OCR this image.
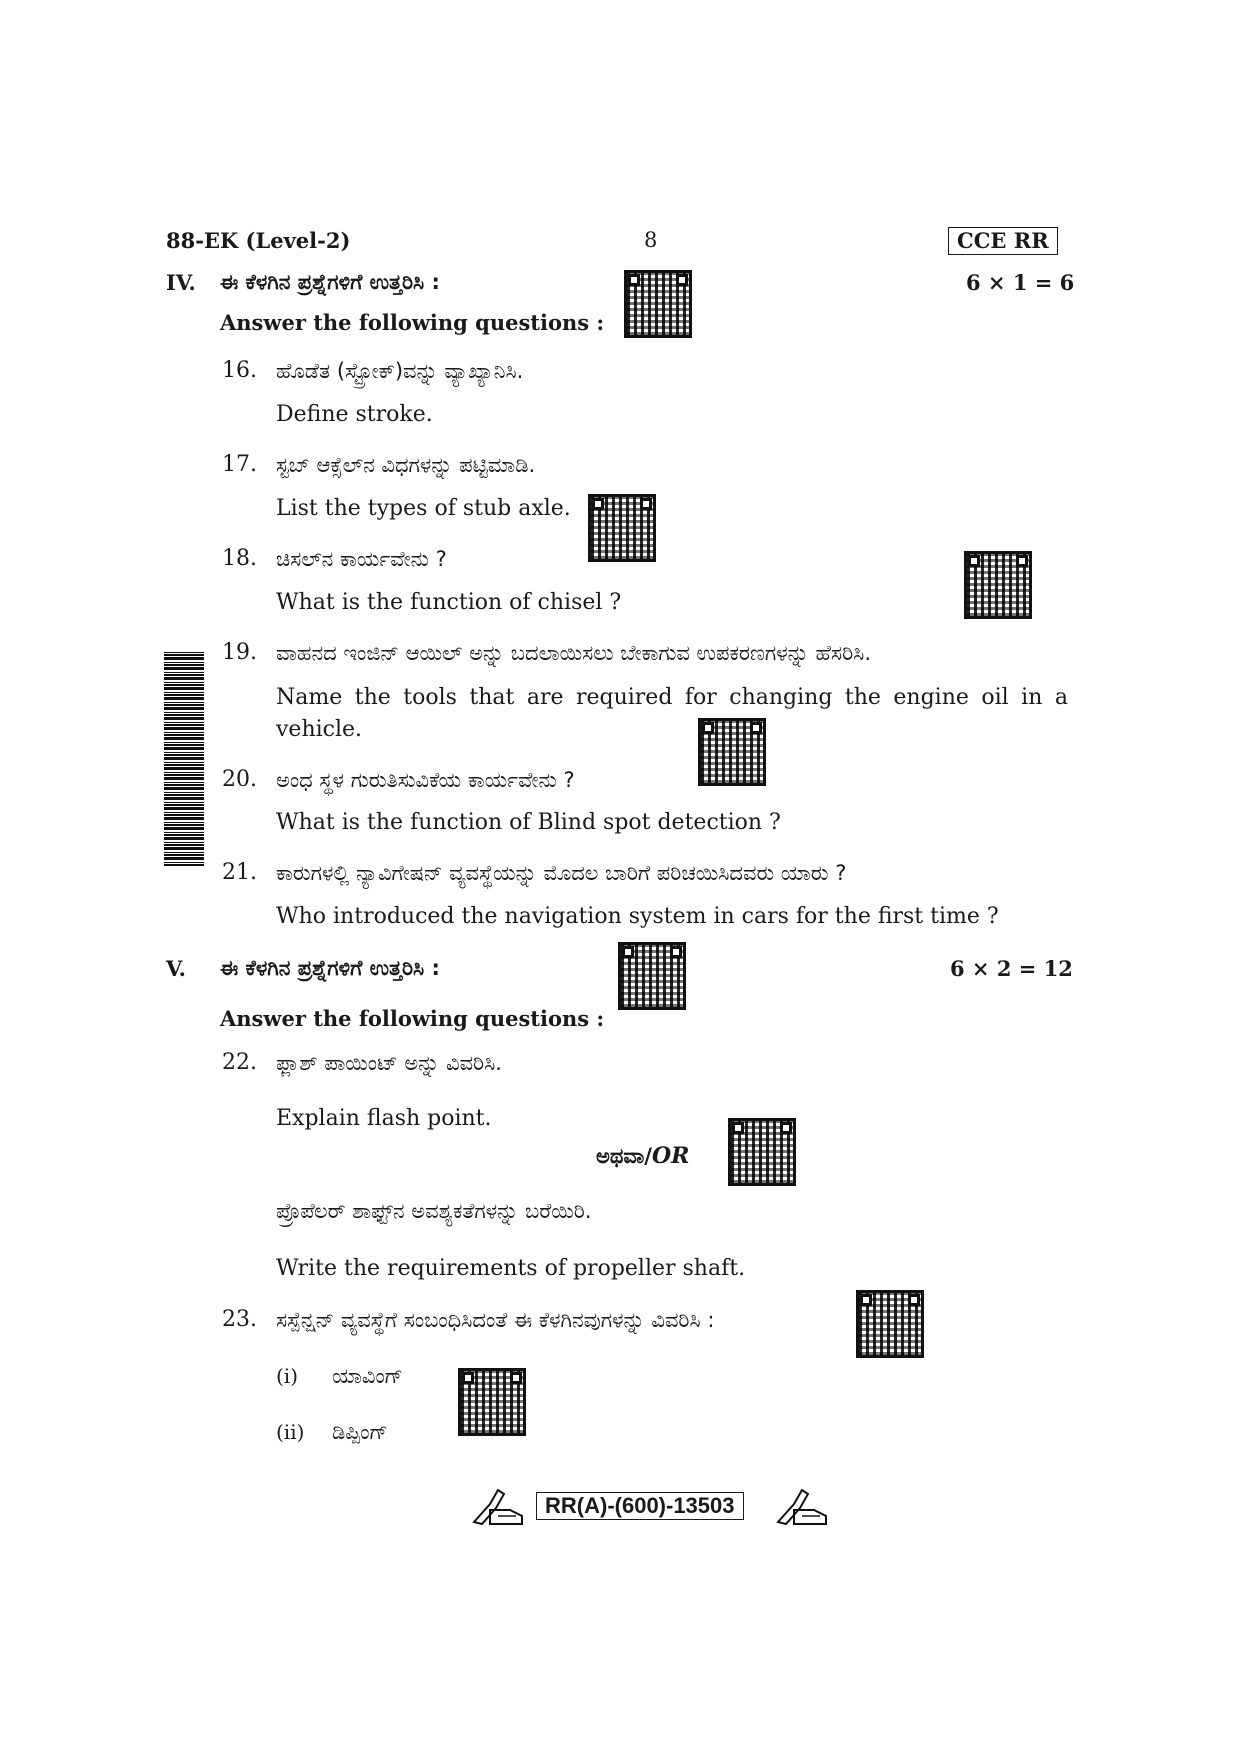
88-EK (Level-2)	8	CCE RR
IV. ಈ ಕೆಳಗಿನ ಪ್ರಶ್ನೆಗಳಿಗೆ ಉತ್ತರಿಸಿ :
Answer the following questions :
6 × 1 = 6
16. ಹೊಡೆತ (ಸ್ಟ್ರೋಕ್)ವನ್ನು ವ್ಯಾಖ್ಯಾನಿಸಿ.
Define stroke.
17. ಸ್ಟಬ್ ಆಕ್ಸೆಲ್‌ನ ವಿಧಗಳನ್ನು ಪಟ್ಟಿಮಾಡಿ.
List the types of stub axle.
18. ಚಿಸಲ್‌ನ ಕಾರ್ಯವೇನು ?
What is the function of chisel ?
19. ವಾಹನದ ಇಂಜಿನ್ ಆಯಿಲ್ ಅನ್ನು ಬದಲಾಯಿಸಲು ಬೇಕಾಗುವ ಉಪಕರಣಗಳನ್ನು ಹೆಸರಿಸಿ.
Name the tools that are required for changing the engine oil in a
vehicle.
20. ಅಂಧ ಸ್ಥಳ ಗುರುತಿಸುವಿಕೆಯ ಕಾರ್ಯವೇನು ?
What is the function of Blind spot detection ?
21. ಕಾರುಗಳಲ್ಲಿ ನ್ಯಾವಿಗೇಷನ್ ವ್ಯವಸ್ಥೆಯನ್ನು ಮೊದಲ ಬಾರಿಗೆ ಪರಿಚಯಿಸಿದವರು ಯಾರು ?
Who introduced the navigation system in cars for the first time ?
V. ಈ ಕೆಳಗಿನ ಪ್ರಶ್ನೆಗಳಿಗೆ ಉತ್ತರಿಸಿ :
Answer the following questions :
6 × 2 = 12
22. ಫ್ಲಾಶ್ ಪಾಯಿಂಟ್ ಅನ್ನು ವಿವರಿಸಿ.
Explain flash point.
ಅಥವಾ/OR
ಪ್ರೊಪೆಲರ್ ಶಾಫ್ಟ್‌ನ ಅವಶ್ಯಕತೆಗಳನ್ನು ಬರೆಯಿರಿ.
Write the requirements of propeller shaft.
23. ಸಸ್ಪೆನ್ಷನ್ ವ್ಯವಸ್ಥೆಗೆ ಸಂಬಂಧಿಸಿದಂತೆ ಈ ಕೆಳಗಿನವುಗಳನ್ನು ವಿವರಿಸಿ :
(i) ಯಾವಿಂಗ್
(ii) ಡಿಪ್ಪಿಂಗ್
RR(A)-(600)-13503
